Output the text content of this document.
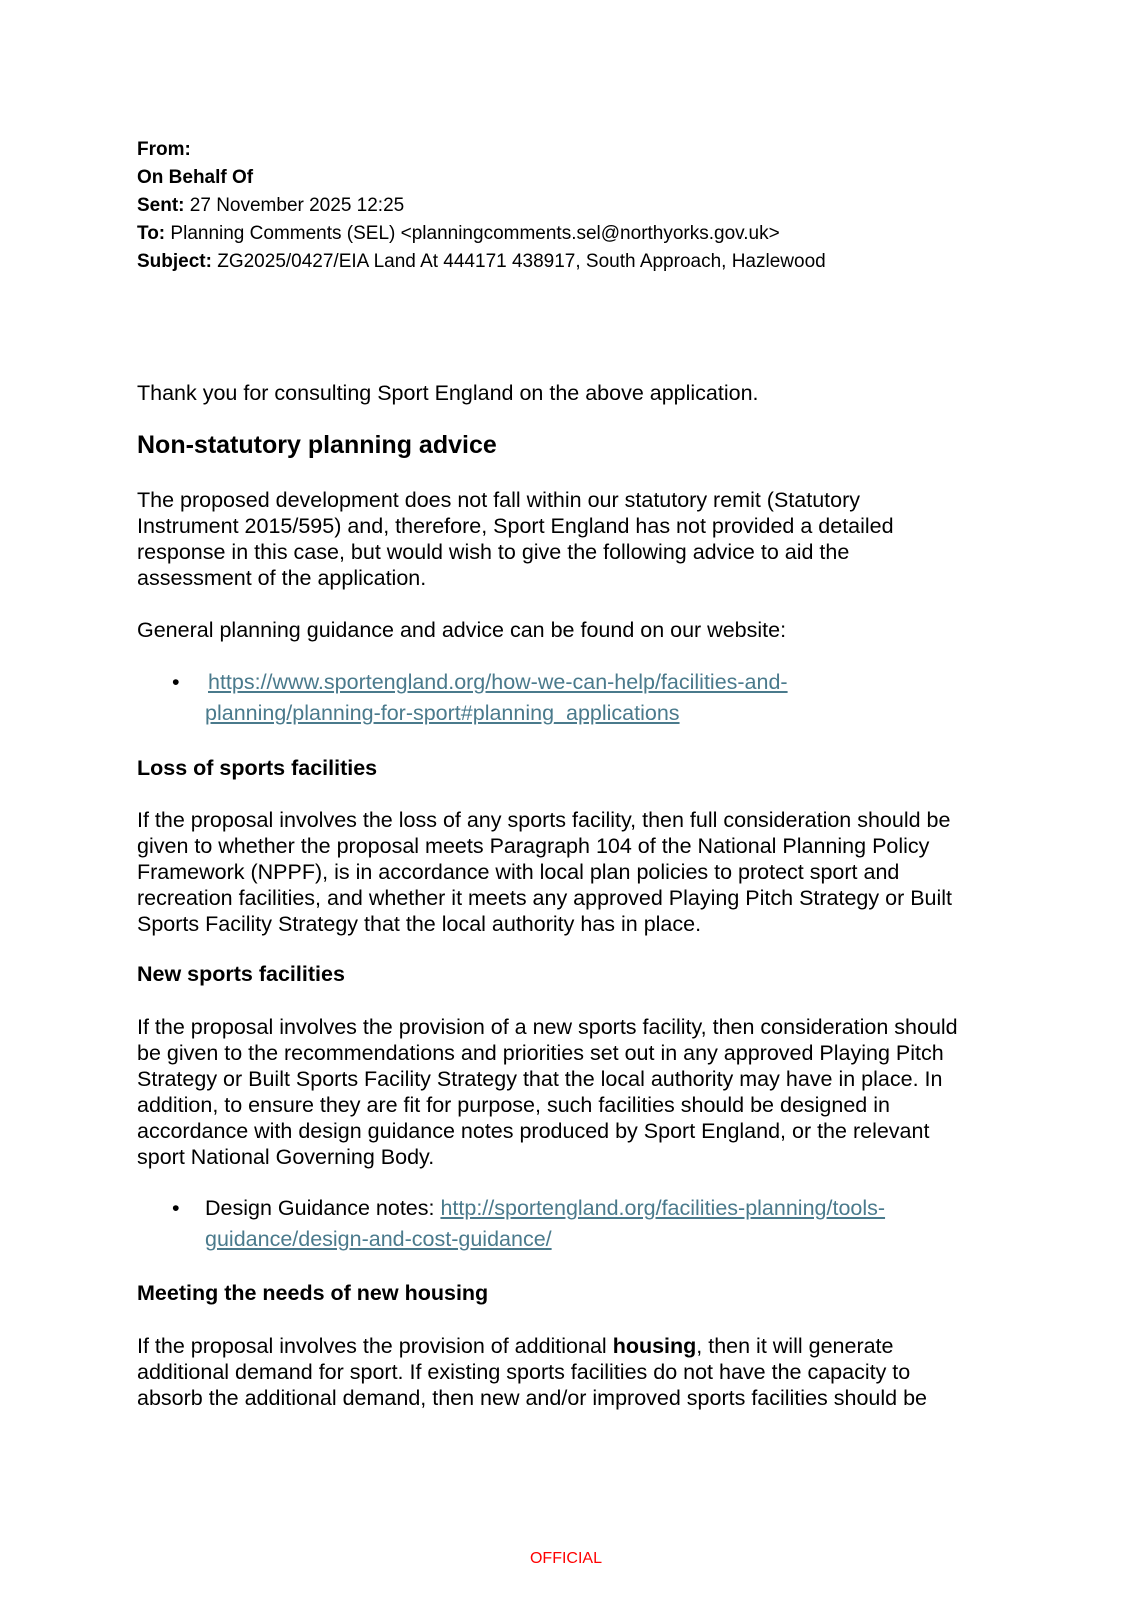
From:
On Behalf Of
Sent: 27 November 2025 12:25
To: Planning Comments (SEL) <planningcomments.sel@northyorks.gov.uk>
Subject: ZG2025/0427/EIA Land At 444171 438917, South Approach, Hazlewood
Thank you for consulting Sport England on the above application.
Non-statutory planning advice
The proposed development does not fall within our statutory remit (Statutory Instrument 2015/595) and, therefore, Sport England has not provided a detailed response in this case, but would wish to give the following advice to aid the assessment of the application.
General planning guidance and advice can be found on our website:
• https://www.sportengland.org/how-we-can-help/facilities-and-
planning/planning-for-sport#planning_applications
Loss of sports facilities
If the proposal involves the loss of any sports facility, then full consideration should be given to whether the proposal meets Paragraph 104 of the National Planning Policy Framework (NPPF), is in accordance with local plan policies to protect sport and recreation facilities, and whether it meets any approved Playing Pitch Strategy or Built Sports Facility Strategy that the local authority has in place.
New sports facilities
If the proposal involves the provision of a new sports facility, then consideration should be given to the recommendations and priorities set out in any approved Playing Pitch Strategy or Built Sports Facility Strategy that the local authority may have in place. In addition, to ensure they are fit for purpose, such facilities should be designed in accordance with design guidance notes produced by Sport England, or the relevant sport National Governing Body.
• Design Guidance notes: http://sportengland.org/facilities-planning/tools-
guidance/design-and-cost-guidance/
Meeting the needs of new housing
If the proposal involves the provision of additional housing, then it will generate additional demand for sport. If existing sports facilities do not have the capacity to absorb the additional demand, then new and/or improved sports facilities should be
OFFICIAL
